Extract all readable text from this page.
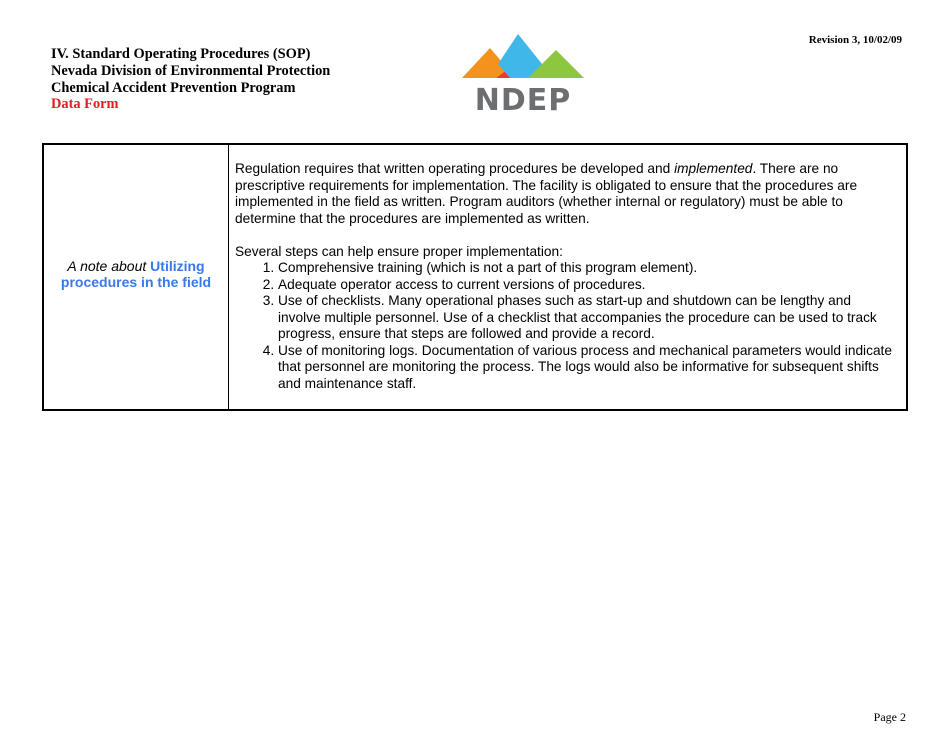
Revision 3, 10/02/09
IV. Standard Operating Procedures (SOP)
Nevada Division of Environmental Protection
Chemical Accident Prevention Program
Data Form	NDEP
A note about Utilizing procedures in the field

Regulation requires that written operating procedures be developed and implemented. There are no prescriptive requirements for implementation. The facility is obligated to ensure that the procedures are implemented in the field as written. Program auditors (whether internal or regulatory) must be able to determine that the procedures are implemented as written.

Several steps can help ensure proper implementation:

1. Comprehensive training (which is not a part of this program element).
2. Adequate operator access to current versions of procedures.
3. Use of checklists. Many operational phases such as start-up and shutdown can be lengthy and involve multiple personnel. Use of a checklist that accompanies the procedure can be used to track progress, ensure that steps are followed and provide a record.
4. Use of monitoring logs. Documentation of various process and mechanical parameters would indicate that personnel are monitoring the process. The logs would also be informative for subsequent shifts and maintenance staff.
Page 2
